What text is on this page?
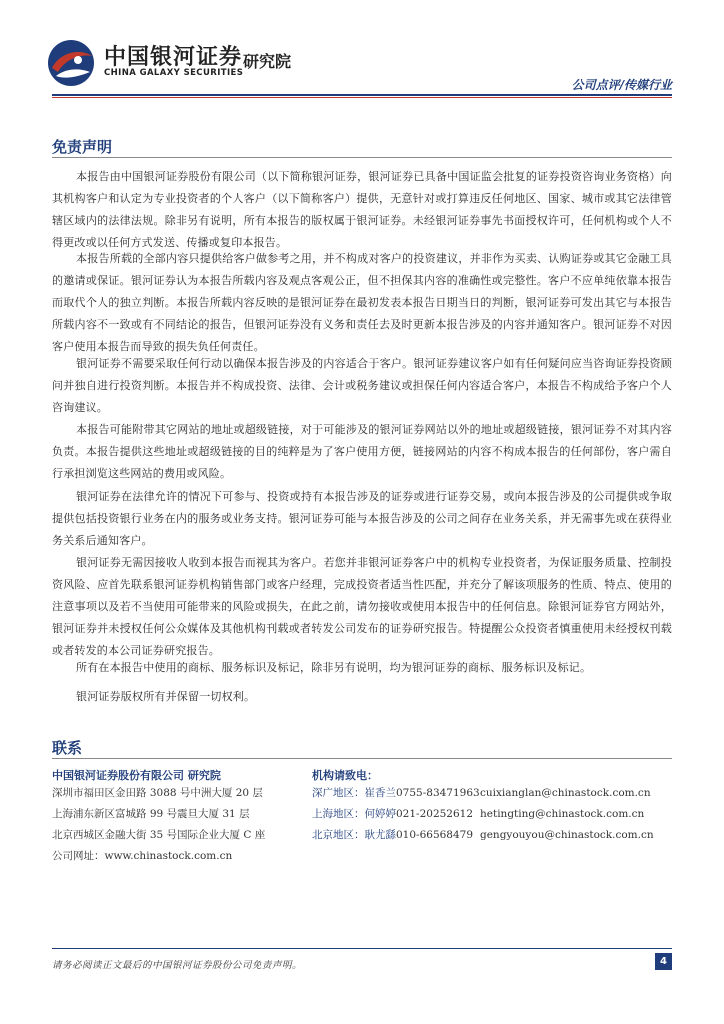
中国银河证券
CHINA GALAXY SECURITIES
研究院
公司点评/传媒行业
免责声明
本报告由中国银河证券股份有限公司（以下简称银河证券，银河证券已具备中国证监会批复的证券投资咨询业务资格）向其机构客户和认定为专业投资者的个人客户（以下简称客户）提供，无意针对或打算违反任何地区、国家、城市或其它法律管辖区域内的法律法规。除非另有说明，所有本报告的版权属于银河证券。未经银河证券事先书面授权许可，任何机构或个人不得更改或以任何方式发送、传播或复印本报告。
本报告所载的全部内容只提供给客户做参考之用，并不构成对客户的投资建议，并非作为买卖、认购证券或其它金融工具的邀请或保证。银河证券认为本报告所载内容及观点客观公正，但不担保其内容的准确性或完整性。客户不应单纯依靠本报告而取代个人的独立判断。本报告所载内容反映的是银河证券在最初发表本报告日期当日的判断，银河证券可发出其它与本报告所载内容不一致或有不同结论的报告，但银河证券没有义务和责任去及时更新本报告涉及的内容并通知客户。银河证券不对因客户使用本报告而导致的损失负任何责任。
银河证券不需要采取任何行动以确保本报告涉及的内容适合于客户。银河证券建议客户如有任何疑问应当咨询证券投资顾问并独自进行投资判断。本报告并不构成投资、法律、会计或税务建议或担保任何内容适合客户，本报告不构成给予客户个人咨询建议。
本报告可能附带其它网站的地址或超级链接，对于可能涉及的银河证券网站以外的地址或超级链接，银河证券不对其内容负责。本报告提供这些地址或超级链接的目的纯粹是为了客户使用方便，链接网站的内容不构成本报告的任何部份，客户需自行承担浏览这些网站的费用或风险。
银河证券在法律允许的情况下可参与、投资或持有本报告涉及的证券或进行证券交易，或向本报告涉及的公司提供或争取提供包括投资银行业务在内的服务或业务支持。银河证券可能与本报告涉及的公司之间存在业务关系，并无需事先或在获得业务关系后通知客户。
银河证券无需因接收人收到本报告而视其为客户。若您并非银河证券客户中的机构专业投资者，为保证服务质量、控制投资风险、应首先联系银河证券机构销售部门或客户经理，完成投资者适当性匹配，并充分了解该项服务的性质、特点、使用的注意事项以及若不当使用可能带来的风险或损失，在此之前，请勿接收或使用本报告中的任何信息。除银河证券官方网站外，银河证券并未授权任何公众媒体及其他机构刊载或者转发公司发布的证券研究报告。特提醒公众投资者慎重使用未经授权刊载或者转发的本公司证券研究报告。
所有在本报告中使用的商标、服务标识及标记，除非另有说明，均为银河证券的商标、服务标识及标记。
银河证券版权所有并保留一切权利。
联系
中国银河证券股份有限公司 研究院
深圳市福田区金田路 3088 号中洲大厦 20 层
上海浦东新区富城路 99 号震旦大厦 31 层
北京西城区金融大街 35 号国际企业大厦 C 座
公司网址：www.chinastock.com.cn
机构请致电：
深广地区：崔香兰0755-83471963cuixianglan@chinastock.com.cn
上海地区：何婷婷021-20252612 hetingting@chinastock.com.cn
北京地区：耿尤繇010-66568479 gengyouyou@chinastock.com.cn
请务必阅读正文最后的中国银河证券股份公司免责声明。	4
